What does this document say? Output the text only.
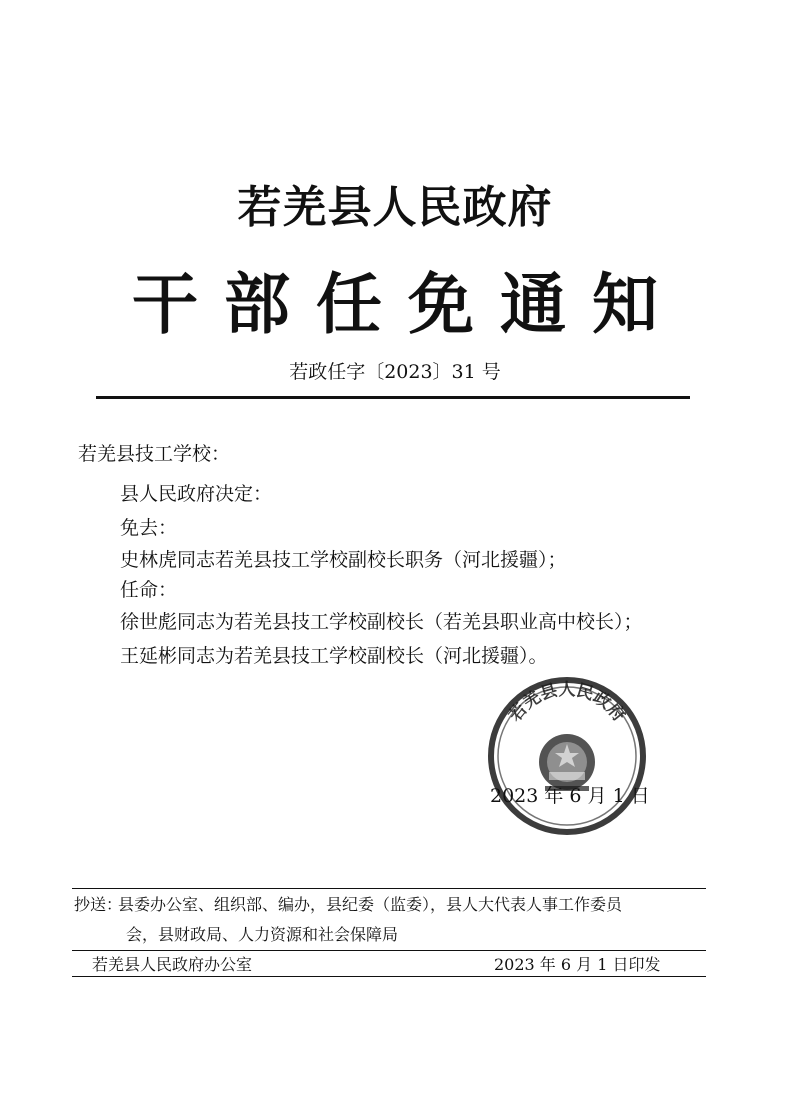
若羌县人民政府
干部任免通知
若政任字〔2023〕31 号
若羌县技工学校：
县人民政府决定：
免去：
史林虎同志若羌县技工学校副校长职务（河北援疆）；
任命：
徐世彪同志为若羌县技工学校副校长（若羌县职业高中校长）；
王延彬同志为若羌县技工学校副校长（河北援疆）。
若羌县人民政府
2023 年 6 月 1 日
抄送：
县委办公室、组织部、编办，县纪委（监委），县人大代表人事工作委员
会，县财政局、人力资源和社会保障局
若羌县人民政府办公室	2023 年 6 月 1 日印发
